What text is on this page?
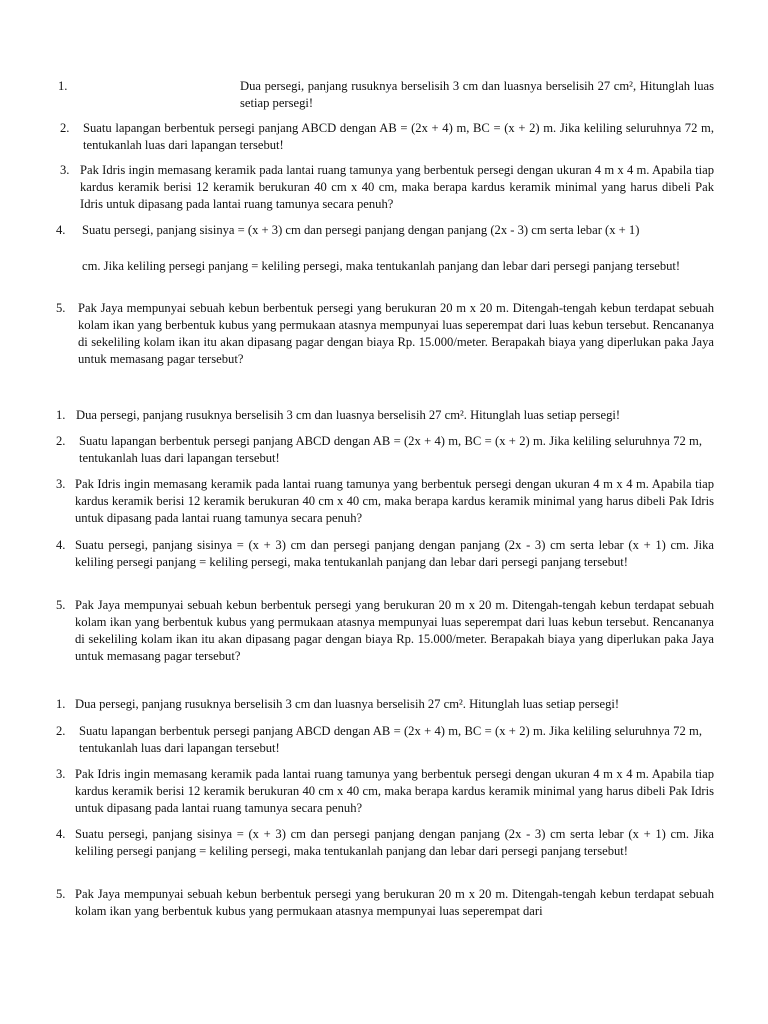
1.	Dua persegi, panjang rusuknya berselisih 3 cm dan luasnya berselisih 27 cm², Hitunglah luas setiap persegi!
2. Suatu lapangan berbentuk persegi panjang ABCD dengan AB = (2x + 4) m, BC = (x + 2) m. Jika keliling seluruhnya 72 m, tentukanlah luas dari lapangan tersebut!
3. Pak Idris ingin memasang keramik pada lantai ruang tamunya yang berbentuk persegi dengan ukuran 4 m x 4 m. Apabila tiap kardus keramik berisi 12 keramik berukuran 40 cm x 40 cm, maka berapa kardus keramik minimal yang harus dibeli Pak Idris untuk dipasang pada lantai ruang tamunya secara penuh?
4. Suatu persegi, panjang sisinya = (x + 3) cm dan persegi panjang dengan panjang (2x - 3) cm serta lebar (x + 1)
cm. Jika keliling persegi panjang = keliling persegi, maka tentukanlah panjang dan lebar dari persegi panjang tersebut!
5. Pak Jaya mempunyai sebuah kebun berbentuk persegi yang berukuran 20 m x 20 m. Ditengah-tengah kebun terdapat sebuah kolam ikan yang berbentuk kubus yang permukaan atasnya mempunyai luas seperempat dari luas kebun tersebut. Rencananya di sekeliling kolam ikan itu akan dipasang pagar dengan biaya Rp. 15.000/meter. Berapakah biaya yang diperlukan paka Jaya untuk memasang pagar tersebut?
1. Dua persegi, panjang rusuknya berselisih 3 cm dan luasnya berselisih 27 cm². Hitunglah luas setiap persegi!
2. Suatu lapangan berbentuk persegi panjang ABCD dengan AB = (2x + 4) m, BC = (x + 2) m. Jika keliling seluruhnya 72 m, tentukanlah luas dari lapangan tersebut!
3. Pak Idris ingin memasang keramik pada lantai ruang tamunya yang berbentuk persegi dengan ukuran 4 m x 4 m. Apabila tiap kardus keramik berisi 12 keramik berukuran 40 cm x 40 cm, maka berapa kardus keramik minimal yang harus dibeli Pak Idris untuk dipasang pada lantai ruang tamunya secara penuh?
4. Suatu persegi, panjang sisinya = (x + 3) cm dan persegi panjang dengan panjang (2x - 3) cm serta lebar (x + 1) cm. Jika keliling persegi panjang = keliling persegi, maka tentukanlah panjang dan lebar dari persegi panjang tersebut!
5. Pak Jaya mempunyai sebuah kebun berbentuk persegi yang berukuran 20 m x 20 m. Ditengah-tengah kebun terdapat sebuah kolam ikan yang berbentuk kubus yang permukaan atasnya mempunyai luas seperempat dari luas kebun tersebut. Rencananya di sekeliling kolam ikan itu akan dipasang pagar dengan biaya Rp. 15.000/meter. Berapakah biaya yang diperlukan paka Jaya untuk memasang pagar tersebut?
1. Dua persegi, panjang rusuknya berselisih 3 cm dan luasnya berselisih 27 cm². Hitunglah luas setiap persegi!
2. Suatu lapangan berbentuk persegi panjang ABCD dengan AB = (2x + 4) m, BC = (x + 2) m. Jika keliling seluruhnya 72 m, tentukanlah luas dari lapangan tersebut!
3. Pak Idris ingin memasang keramik pada lantai ruang tamunya yang berbentuk persegi dengan ukuran 4 m x 4 m. Apabila tiap kardus keramik berisi 12 keramik berukuran 40 cm x 40 cm, maka berapa kardus keramik minimal yang harus dibeli Pak Idris untuk dipasang pada lantai ruang tamunya secara penuh?
4. Suatu persegi, panjang sisinya = (x + 3) cm dan persegi panjang dengan panjang (2x - 3) cm serta lebar (x + 1) cm. Jika keliling persegi panjang = keliling persegi, maka tentukanlah panjang dan lebar dari persegi panjang tersebut!
5. Pak Jaya mempunyai sebuah kebun berbentuk persegi yang berukuran 20 m x 20 m. Ditengah-tengah kebun terdapat sebuah kolam ikan yang berbentuk kubus yang permukaan atasnya mempunyai luas seperempat dari
